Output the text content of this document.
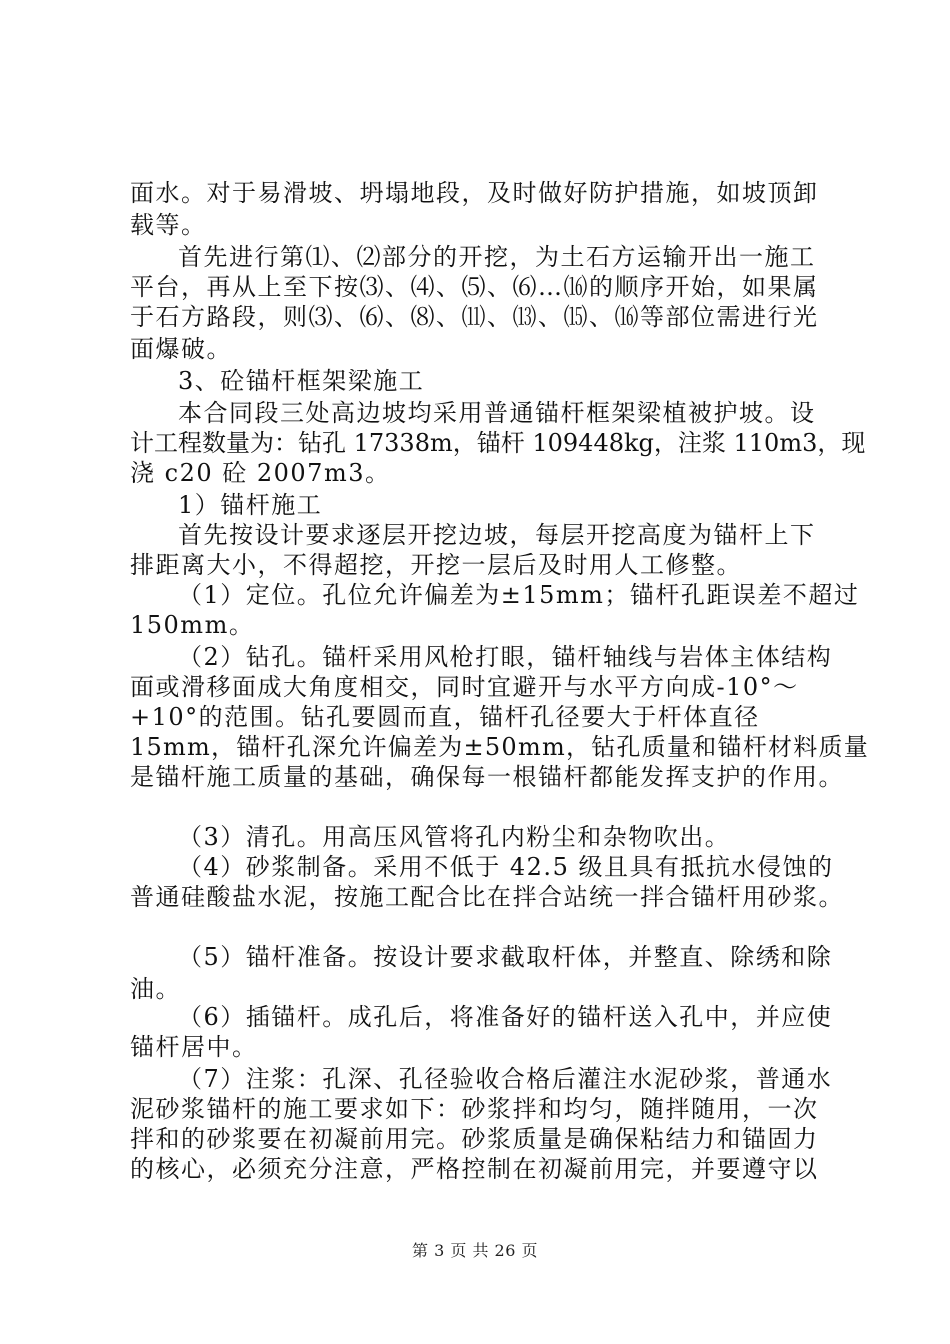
面水。对于易滑坡、坍塌地段，及时做好防护措施，如坡顶卸
载等。
首先进行第⑴、⑵部分的开挖，为土石方运输开出一施工
平台，再从上至下按⑶、⑷、⑸、⑹…⒃的顺序开始，如果属
于石方路段，则⑶、⑹、⑻、⑾、⒀、⒂、⒃等部位需进行光
面爆破。
3、砼锚杆框架梁施工
本合同段三处高边坡均采用普通锚杆框架梁植被护坡。设
计工程数量为：钻孔 17338m，锚杆 109448kg，注浆 110m3，现
浇 c20 砼 2007m3。
1）锚杆施工
首先按设计要求逐层开挖边坡，每层开挖高度为锚杆上下
排距离大小，不得超挖，开挖一层后及时用人工修整。
（1）定位。孔位允许偏差为±15mm；锚杆孔距误差不超过
150mm。
（2）钻孔。锚杆采用风枪打眼，锚杆轴线与岩体主体结构
面或滑移面成大角度相交，同时宜避开与水平方向成-10°～
+10°的范围。钻孔要圆而直，锚杆孔径要大于杆体直径
15mm，锚杆孔深允许偏差为±50mm，钻孔质量和锚杆材料质量
是锚杆施工质量的基础，确保每一根锚杆都能发挥支护的作用。
（3）清孔。用高压风管将孔内粉尘和杂物吹出。
（4）砂浆制备。采用不低于 42.5 级且具有抵抗水侵蚀的
普通硅酸盐水泥，按施工配合比在拌合站统一拌合锚杆用砂浆。
（5）锚杆准备。按设计要求截取杆体，并整直、除绣和除
油。
（6）插锚杆。成孔后，将准备好的锚杆送入孔中，并应使
锚杆居中。
（7）注浆：孔深、孔径验收合格后灌注水泥砂浆，普通水
泥砂浆锚杆的施工要求如下：砂浆拌和均匀，随拌随用，一次
拌和的砂浆要在初凝前用完。砂浆质量是确保粘结力和锚固力
的核心，必须充分注意，严格控制在初凝前用完，并要遵守以
第 3 页 共 26 页
